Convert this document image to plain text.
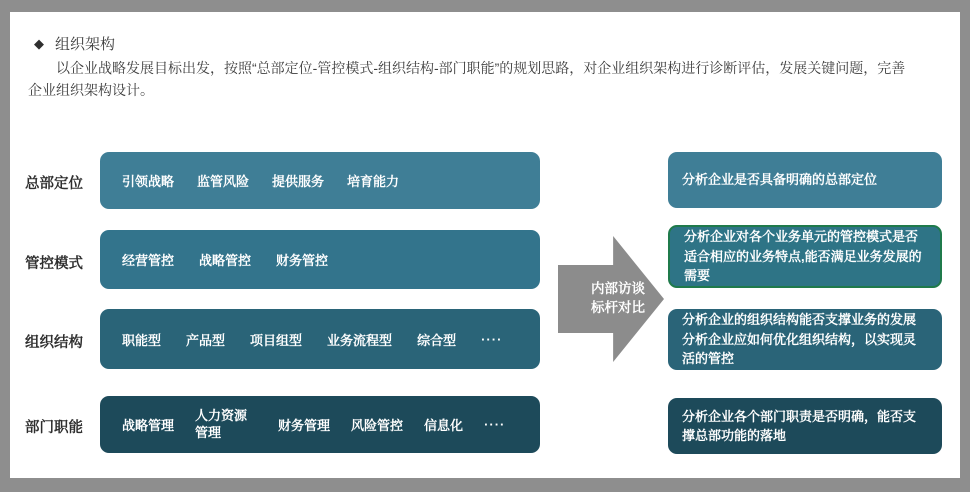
◆ 组织架构
以企业战略发展目标出发，按照“总部定位-管控模式-组织结构-部门职能”的规划思路，对企业组织架构进行诊断评估，发展关键问题，完善
企业组织架构设计。
总部定位
管控模式
组织结构
部门职能
引领战略 监管风险 提供服务 培育能力
经营管控 战略管控 财务管控
职能型 产品型 项目组型 业务流程型 综合型 ····
战略管理
人力资源管理	财务管理 风险管控 信息化 ····
内部访谈
标杆对比
分析企业是否具备明确的总部定位
分析企业对各个业务单元的管控模式是否适合相应的业务特点,能否满足业务发展的需要
分析企业的组织结构能否支撑业务的发展分析企业应如何优化组织结构，以实现灵活的管控
分析企业各个部门职责是否明确，能否支撑总部功能的落地
